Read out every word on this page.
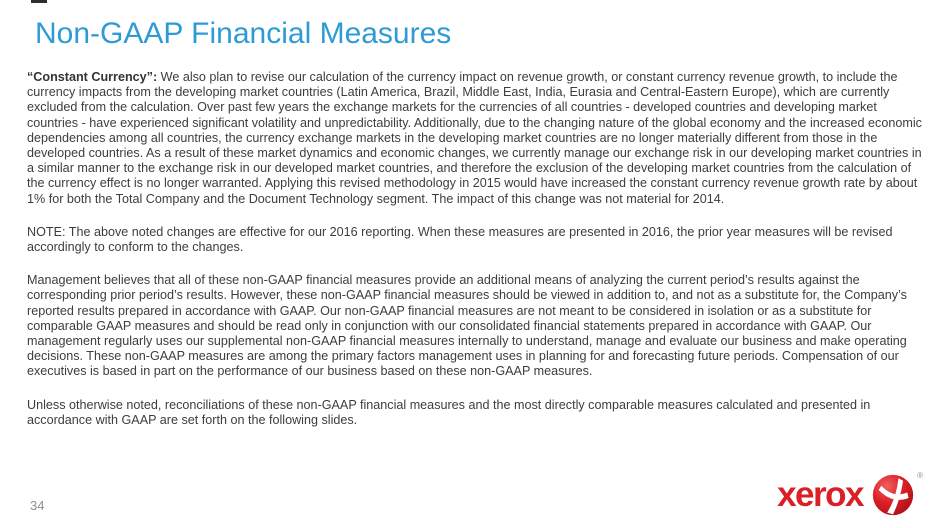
Non-GAAP Financial Measures

“Constant Currency”: We also plan to revise our calculation of the currency impact on revenue growth, or constant currency revenue growth, to include the currency impacts from the developing market countries (Latin America, Brazil, Middle East, India, Eurasia and Central-Eastern Europe), which are currently excluded from the calculation. Over past few years the exchange markets for the currencies of all countries - developed countries and developing market countries - have experienced significant volatility and unpredictability. Additionally, due to the changing nature of the global economy and the increased economic dependencies among all countries, the currency exchange markets in the developing market countries are no longer materially different from those in the developed countries. As a result of these market dynamics and economic changes, we currently manage our exchange risk in our developing market countries in a similar manner to the exchange risk in our developed market countries, and therefore the exclusion of the developing market countries from the calculation of the currency effect is no longer warranted. Applying this revised methodology in 2015 would have increased the constant currency revenue growth rate by about 1% for both the Total Company and the Document Technology segment. The impact of this change was not material for 2014.

NOTE: The above noted changes are effective for our 2016 reporting. When these measures are presented in 2016, the prior year measures will be revised accordingly to conform to the changes.

Management believes that all of these non-GAAP financial measures provide an additional means of analyzing the current period’s results against the corresponding prior period’s results. However, these non-GAAP financial measures should be viewed in addition to, and not as a substitute for, the Company’s reported results prepared in accordance with GAAP. Our non-GAAP financial measures are not meant to be considered in isolation or as a substitute for comparable GAAP measures and should be read only in conjunction with our consolidated financial statements prepared in accordance with GAAP. Our management regularly uses our supplemental non-GAAP financial measures internally to understand, manage and evaluate our business and make operating decisions. These non-GAAP measures are among the primary factors management uses in planning for and forecasting future periods. Compensation of our executives is based in part on the performance of our business based on these non-GAAP measures.

Unless otherwise noted, reconciliations of these non-GAAP financial measures and the most directly comparable measures calculated and presented in accordance with GAAP are set forth on the following slides.

34	xerox	®
